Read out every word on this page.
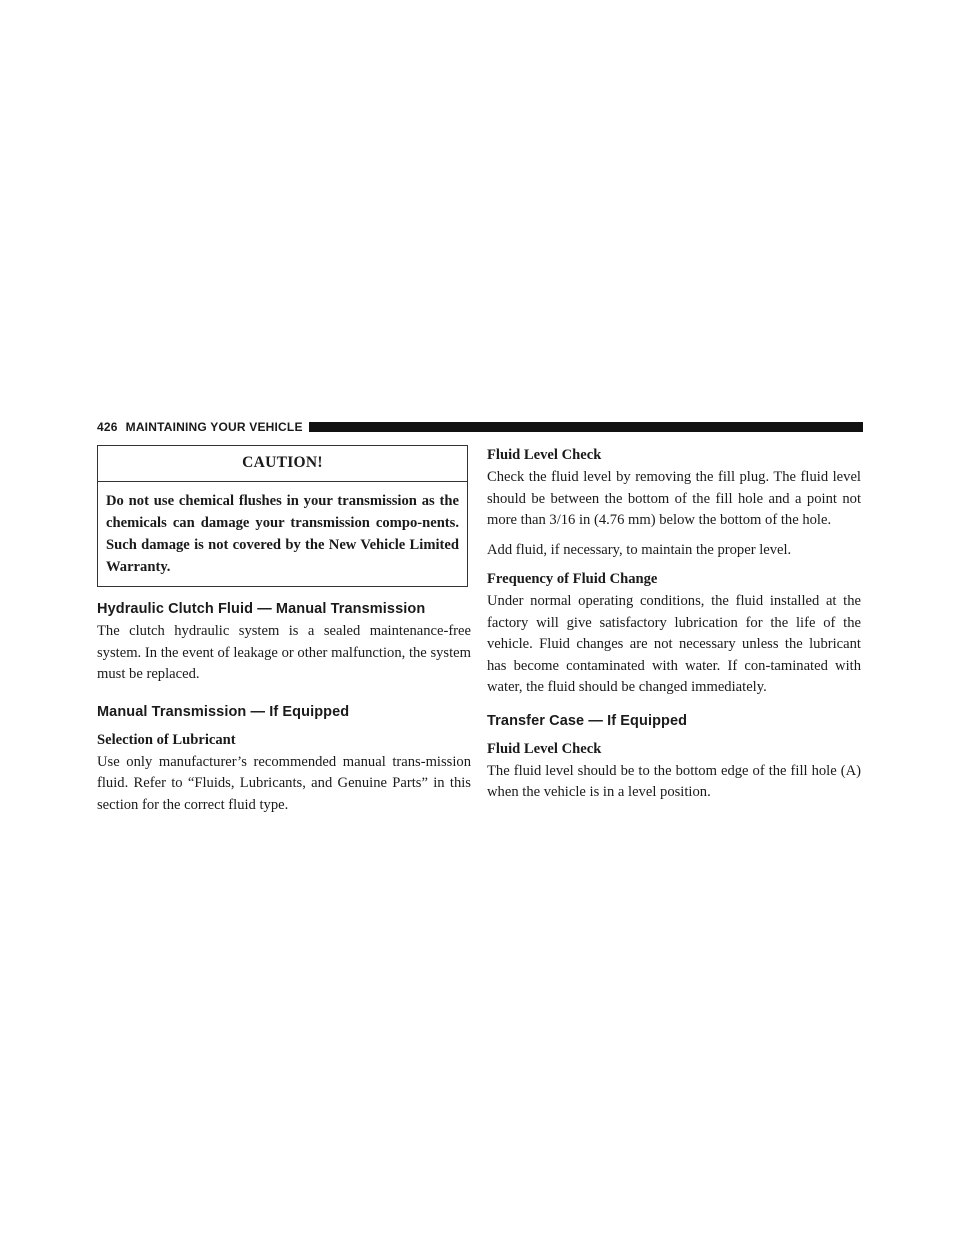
426 MAINTAINING YOUR VEHICLE
CAUTION!
Do not use chemical flushes in your transmission as the chemicals can damage your transmission compo-nents. Such damage is not covered by the New Vehicle Limited Warranty.
Hydraulic Clutch Fluid — Manual Transmission

The clutch hydraulic system is a sealed maintenance-free system. In the event of leakage or other malfunction, the system must be replaced.

Manual Transmission — If Equipped
Selection of Lubricant

Use only manufacturer’s recommended manual trans-mission fluid. Refer to “Fluids, Lubricants, and Genuine Parts” in this section for the correct fluid type.

Fluid Level Check

Check the fluid level by removing the fill plug. The fluid level should be between the bottom of the fill hole and a point not more than 3/16 in (4.76 mm) below the bottom of the hole.

Add fluid, if necessary, to maintain the proper level.

Frequency of Fluid Change

Under normal operating conditions, the fluid installed at the factory will give satisfactory lubrication for the life of the vehicle. Fluid changes are not necessary unless the lubricant has become contaminated with water. If con-taminated with water, the fluid should be changed immediately.

Transfer Case — If Equipped
Fluid Level Check

The fluid level should be to the bottom edge of the fill hole (A) when the vehicle is in a level position.
